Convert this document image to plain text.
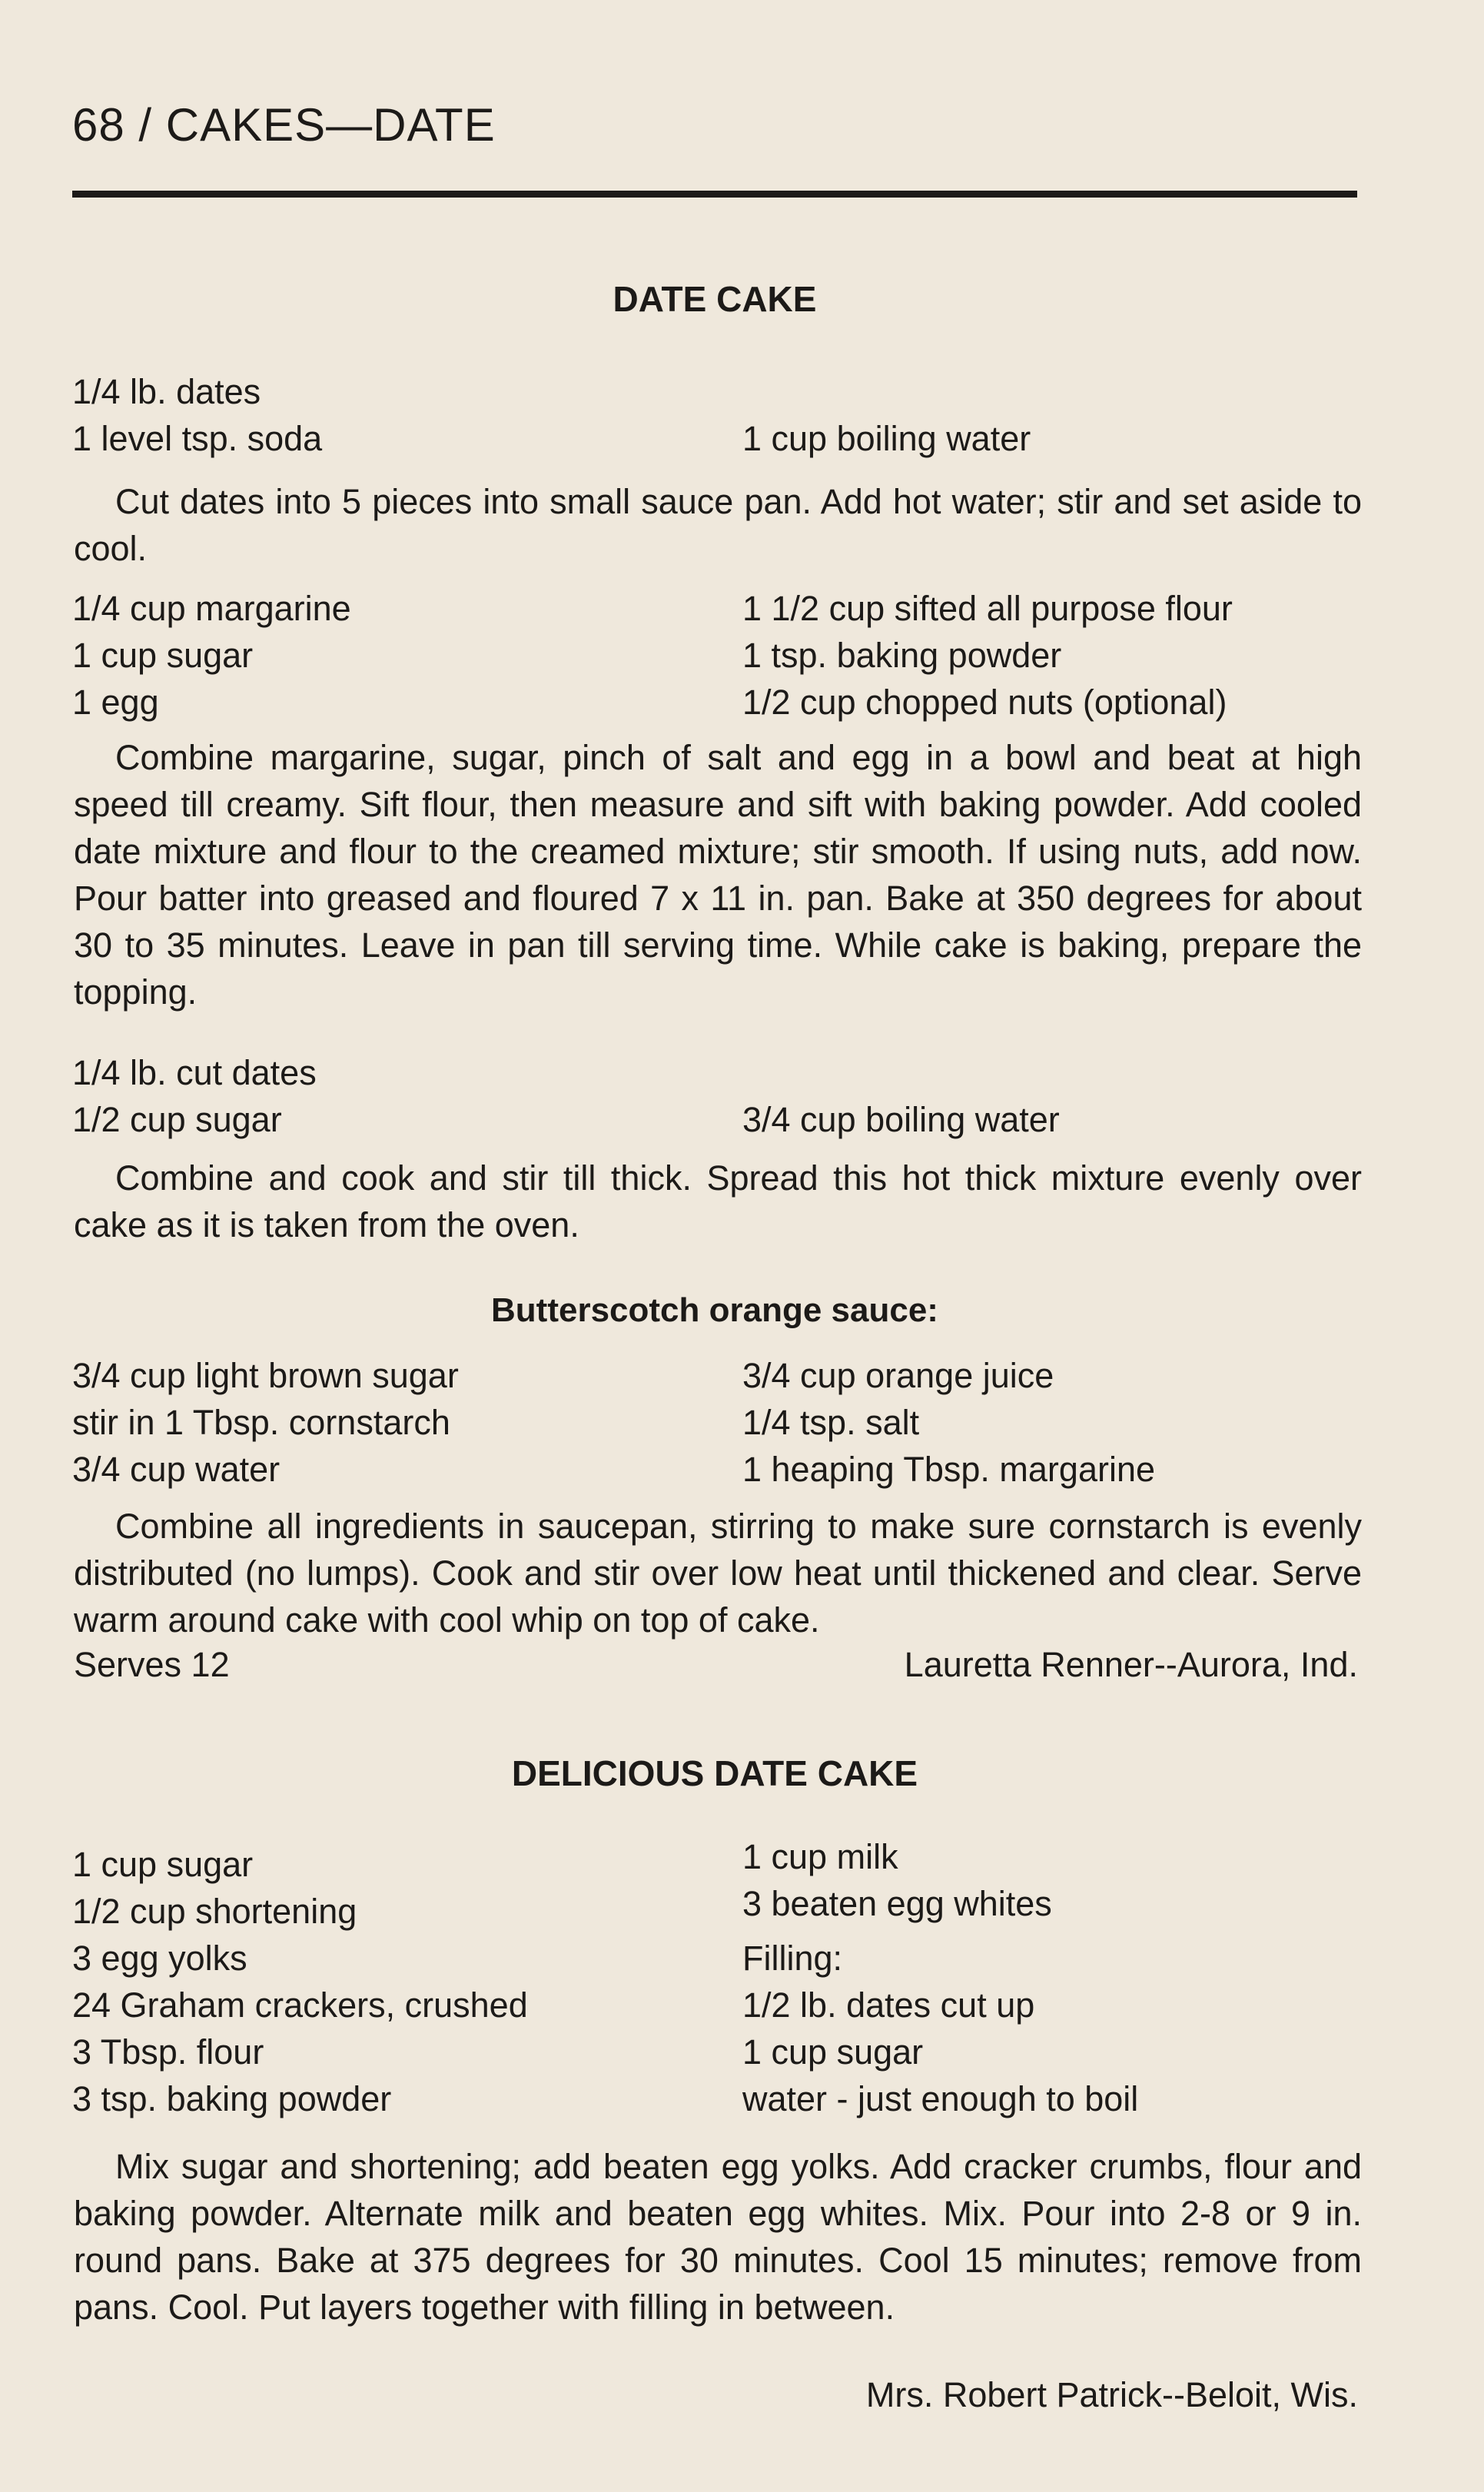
68 / CAKES—DATE
DATE CAKE
1/4 lb. dates
1 level tsp. soda	1 cup boiling water

Cut dates into 5 pieces into small sauce pan. Add hot water; stir and set aside to cool.

1/4 cup margarine
1 cup sugar
1 egg
1 1/2 cup sifted all purpose flour
1 tsp. baking powder
1/2 cup chopped nuts (optional)

Combine margarine, sugar, pinch of salt and egg in a bowl and beat at high speed till creamy. Sift flour, then measure and sift with baking powder. Add cooled date mixture and flour to the creamed mixture; stir smooth. If using nuts, add now. Pour batter into greased and floured 7 x 11 in. pan. Bake at 350 degrees for about 30 to 35 minutes. Leave in pan till serving time. While cake is baking, prepare the topping.

1/4 lb. cut dates
1/2 cup sugar	3/4 cup boiling water

Combine and cook and stir till thick. Spread this hot thick mixture evenly over cake as it is taken from the oven.

Butterscotch orange sauce:
3/4 cup light brown sugar
stir in 1 Tbsp. cornstarch
3/4 cup water
3/4 cup orange juice
1/4 tsp. salt
1 heaping Tbsp. margarine

Combine all ingredients in saucepan, stirring to make sure cornstarch is evenly distributed (no lumps). Cook and stir over low heat until thickened and clear. Serve warm around cake with cool whip on top of cake.

Serves 12	Lauretta Renner--Aurora, Ind.
DELICIOUS DATE CAKE
1 cup sugar
1/2 cup shortening
3 egg yolks
24 Graham crackers, crushed
3 Tbsp. flour
3 tsp. baking powder
1 cup milk
3 beaten egg whites
Filling:
1/2 lb. dates cut up
1 cup sugar
water - just enough to boil

Mix sugar and shortening; add beaten egg yolks. Add cracker crumbs, flour and baking powder. Alternate milk and beaten egg whites. Mix. Pour into 2-8 or 9 in. round pans. Bake at 375 degrees for 30 minutes. Cool 15 minutes; remove from pans. Cool. Put layers together with filling in between.

Mrs. Robert Patrick--Beloit, Wis.
